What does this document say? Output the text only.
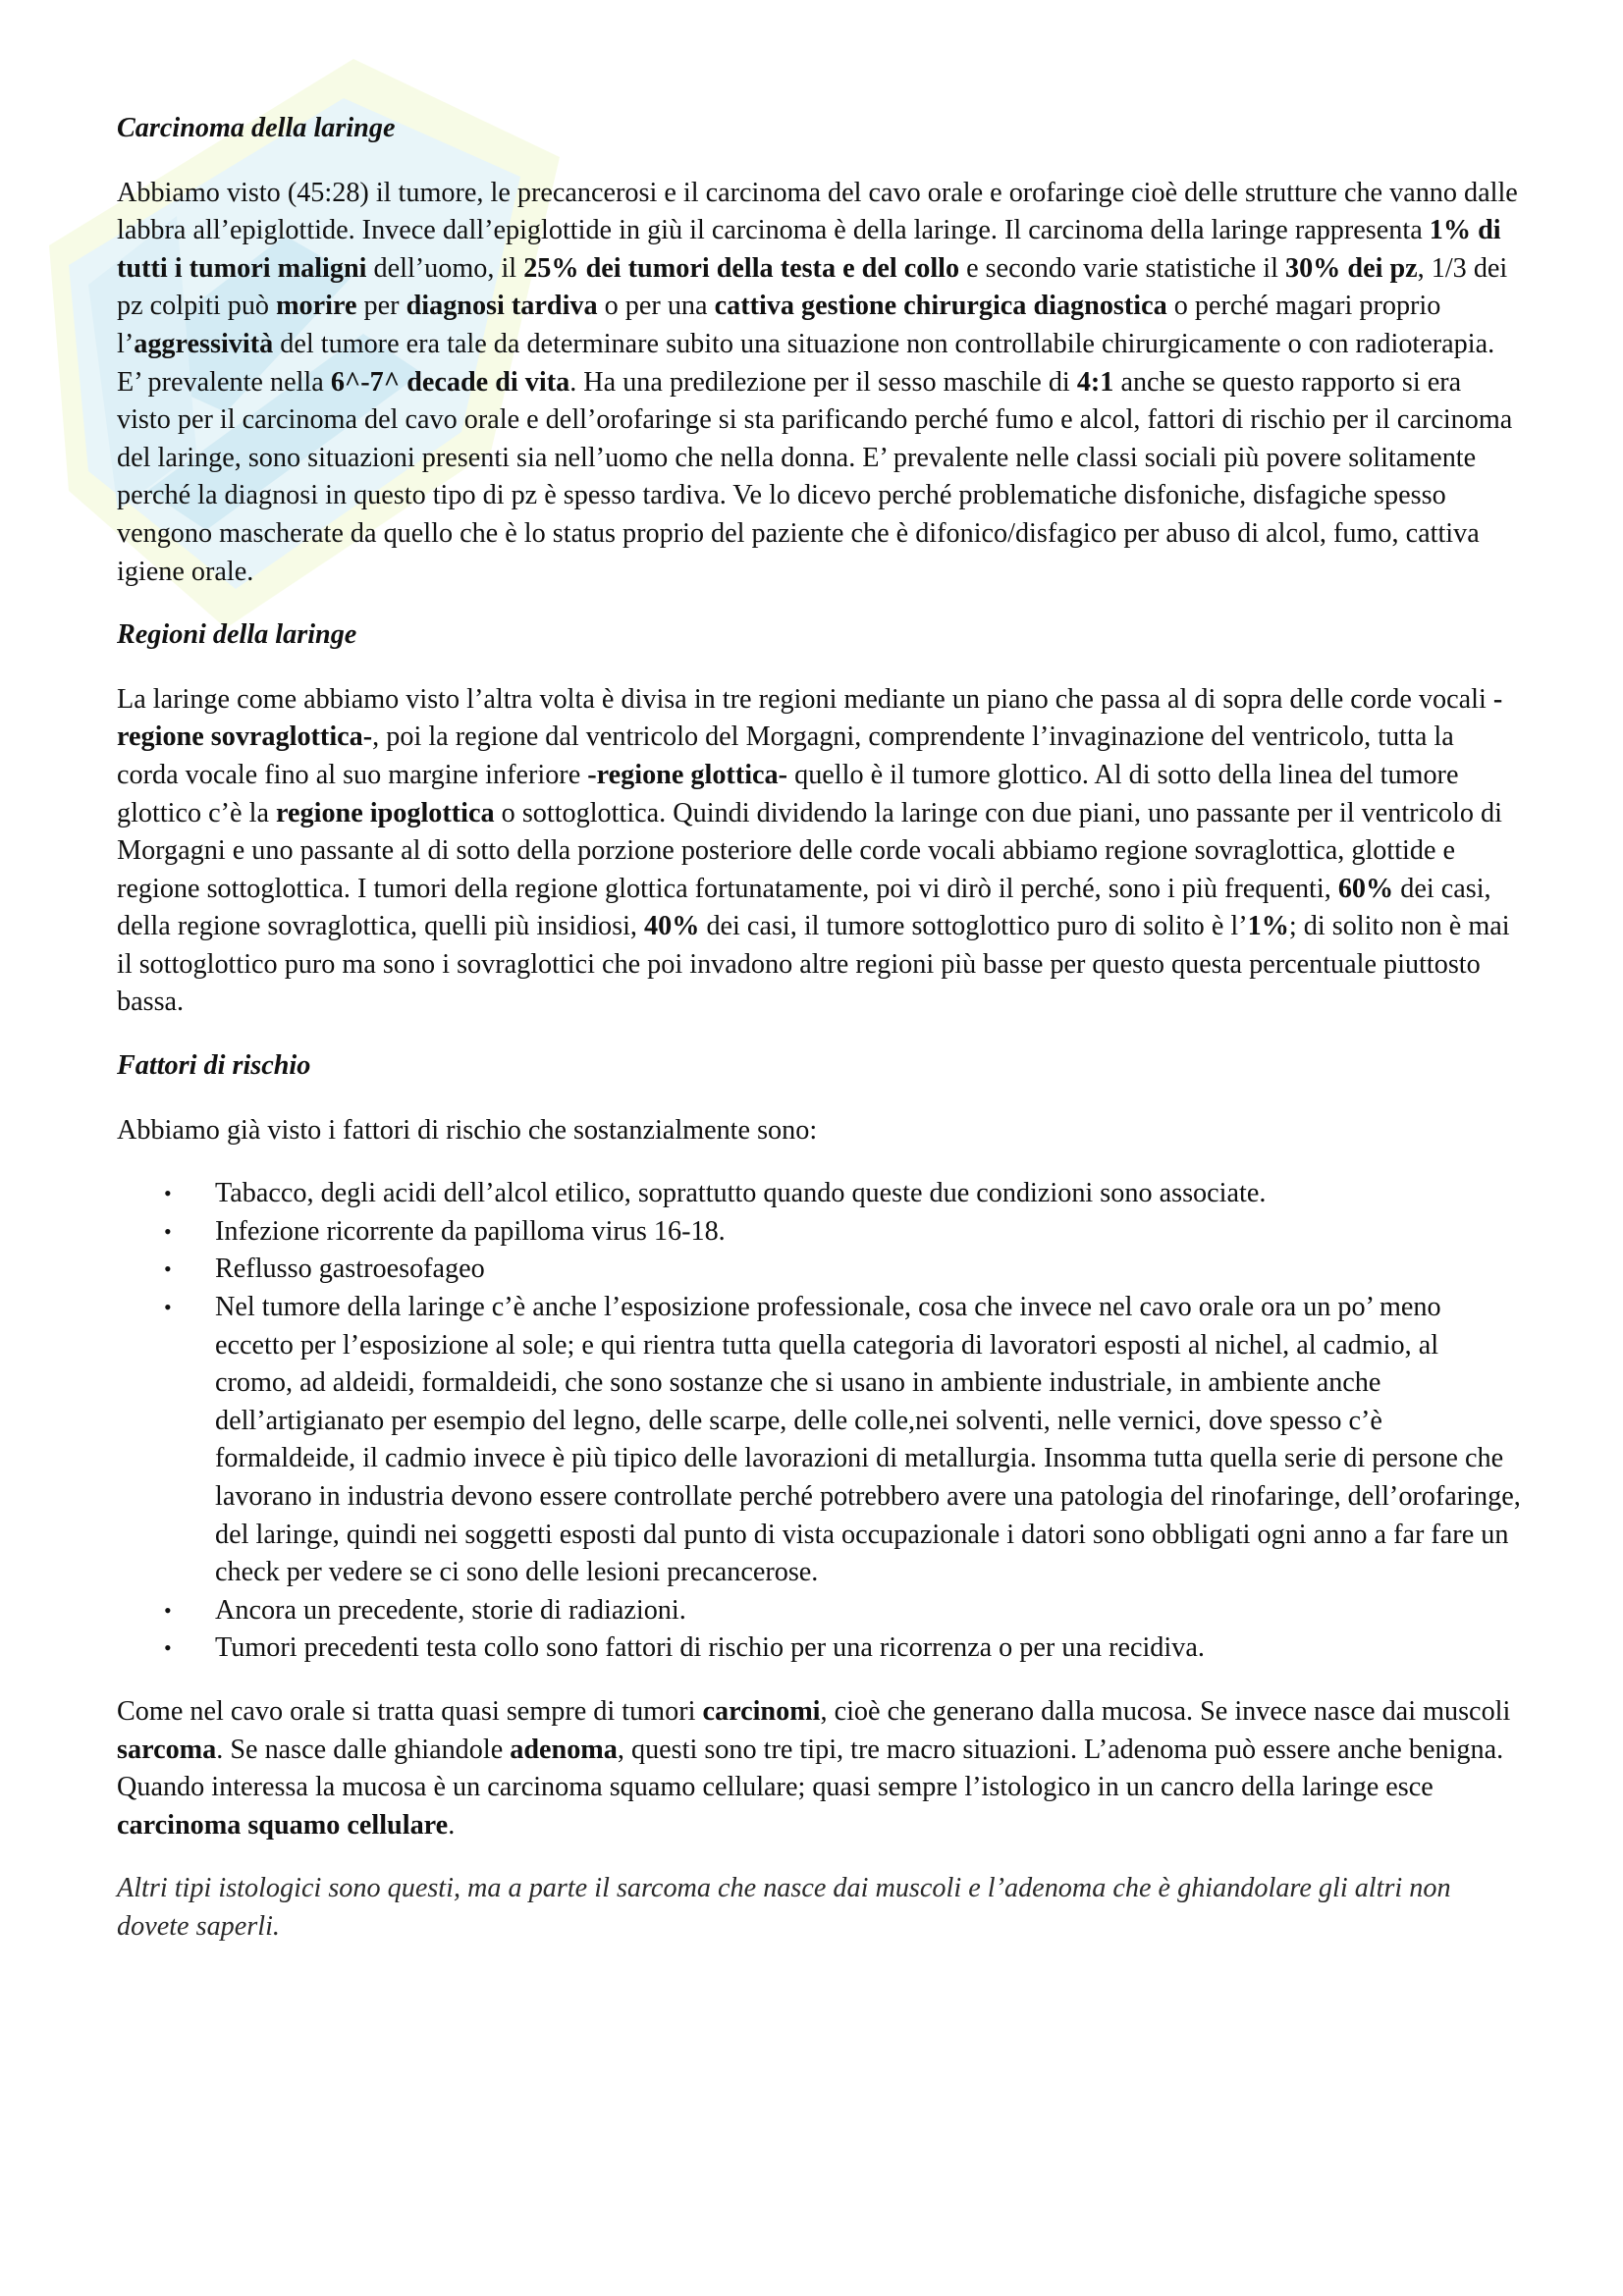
Carcinoma della laringe

Abbiamo visto (45:28) il tumore, le precancerosi e il carcinoma del cavo orale e orofaringe cioè delle strutture che vanno dalle labbra all’epiglottide. Invece dall’epiglottide in giù il carcinoma è della laringe. Il carcinoma della laringe rappresenta 1% di tutti i tumori maligni dell’uomo, il 25% dei tumori della testa e del collo e secondo varie statistiche il 30% dei pz, 1/3 dei pz colpiti può morire per diagnosi tardiva o per una cattiva gestione chirurgica diagnostica o perché magari proprio l’aggressività del tumore era tale da determinare subito una situazione non controllabile chirurgicamente o con radioterapia. E’ prevalente nella 6^-7^ decade di vita. Ha una predilezione per il sesso maschile di 4:1 anche se questo rapporto si era visto per il carcinoma del cavo orale e dell’orofaringe si sta parificando perché fumo e alcol, fattori di rischio per il carcinoma del laringe, sono situazioni presenti sia nell’uomo che nella donna. E’ prevalente nelle classi sociali più povere solitamente perché la diagnosi in questo tipo di pz è spesso tardiva. Ve lo dicevo perché problematiche disfoniche, disfagiche spesso vengono mascherate da quello che è lo status proprio del paziente che è difonico/disfagico per abuso di alcol, fumo, cattiva igiene orale.

Regioni della laringe

La laringe come abbiamo visto l’altra volta è divisa in tre regioni mediante un piano che passa al di sopra delle corde vocali -regione sovraglottica-, poi la regione dal ventricolo del Morgagni, comprendente l’invaginazione del ventricolo, tutta la corda vocale fino al suo margine inferiore -regione glottica- quello è il tumore glottico. Al di sotto della linea del tumore glottico c’è la regione ipoglottica o sottoglottica. Quindi dividendo la laringe con due piani, uno passante per il ventricolo di Morgagni e uno passante al di sotto della porzione posteriore delle corde vocali abbiamo regione sovraglottica, glottide e regione sottoglottica. I tumori della regione glottica fortunatamente, poi vi dirò il perché, sono i più frequenti, 60% dei casi, della regione sovraglottica, quelli più insidiosi, 40% dei casi, il tumore sottoglottico puro di solito è l’1%; di solito non è mai il sottoglottico puro ma sono i sovraglottici che poi invadono altre regioni più basse per questo questa percentuale piuttosto bassa.

Fattori di rischio

Abbiamo già visto i fattori di rischio che sostanzialmente sono:

• Tabacco, degli acidi dell’alcol etilico, soprattutto quando queste due condizioni sono associate.
• Infezione ricorrente da papilloma virus 16-18.
• Reflusso gastroesofageo
• Nel tumore della laringe c’è anche l’esposizione professionale, cosa che invece nel cavo orale ora un po’ meno eccetto per l’esposizione al sole; e qui rientra tutta quella categoria di lavoratori esposti al nichel, al cadmio, al cromo, ad aldeidi, formaldeidi, che sono sostanze che si usano in ambiente industriale, in ambiente anche dell’artigianato per esempio del legno, delle scarpe, delle colle,nei solventi, nelle vernici, dove spesso c’è formaldeide, il cadmio invece è più tipico delle lavorazioni di metallurgia. Insomma tutta quella serie di persone che lavorano in industria devono essere controllate perché potrebbero avere una patologia del rinofaringe, dell’orofaringe, del laringe, quindi nei soggetti esposti dal punto di vista occupazionale i datori sono obbligati ogni anno a far fare un check per vedere se ci sono delle lesioni precancerose.
• Ancora un precedente, storie di radiazioni.
• Tumori precedenti testa collo sono fattori di rischio per una ricorrenza o per una recidiva.

Come nel cavo orale si tratta quasi sempre di tumori carcinomi, cioè che generano dalla mucosa. Se invece nasce dai muscoli sarcoma. Se nasce dalle ghiandole adenoma, questi sono tre tipi, tre macro situazioni. L’adenoma può essere anche benigna. Quando interessa la mucosa è un carcinoma squamo cellulare; quasi sempre l’istologico in un cancro della laringe esce carcinoma squamo cellulare.

Altri tipi istologici sono questi, ma a parte il sarcoma che nasce dai muscoli e l’adenoma che è ghiandolare gli altri non dovete saperli.
